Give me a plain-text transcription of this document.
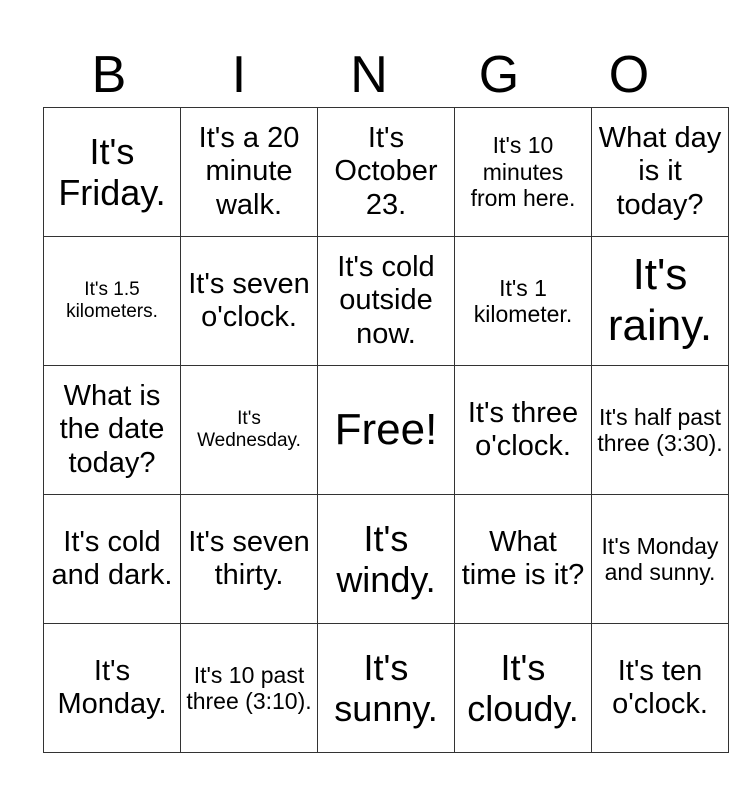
B	I	N	G	O
It's Friday.	It's a 20 minute walk.	It's October 23.	It's 10 minutes from here.	What day is it today?
It's 1.5 kilometers.	It's seven o'clock.	It's cold outside now.	It's 1 kilometer.	It's rainy.
What is the date today?	It's Wednesday.	Free!	It's three o'clock.	It's half past three (3:30).
It's cold and dark.	It's seven thirty.	It's windy.	What time is it?	It's Monday and sunny.
It's Monday.	It's 10 past three (3:10).	It's sunny.	It's cloudy.	It's ten o'clock.
